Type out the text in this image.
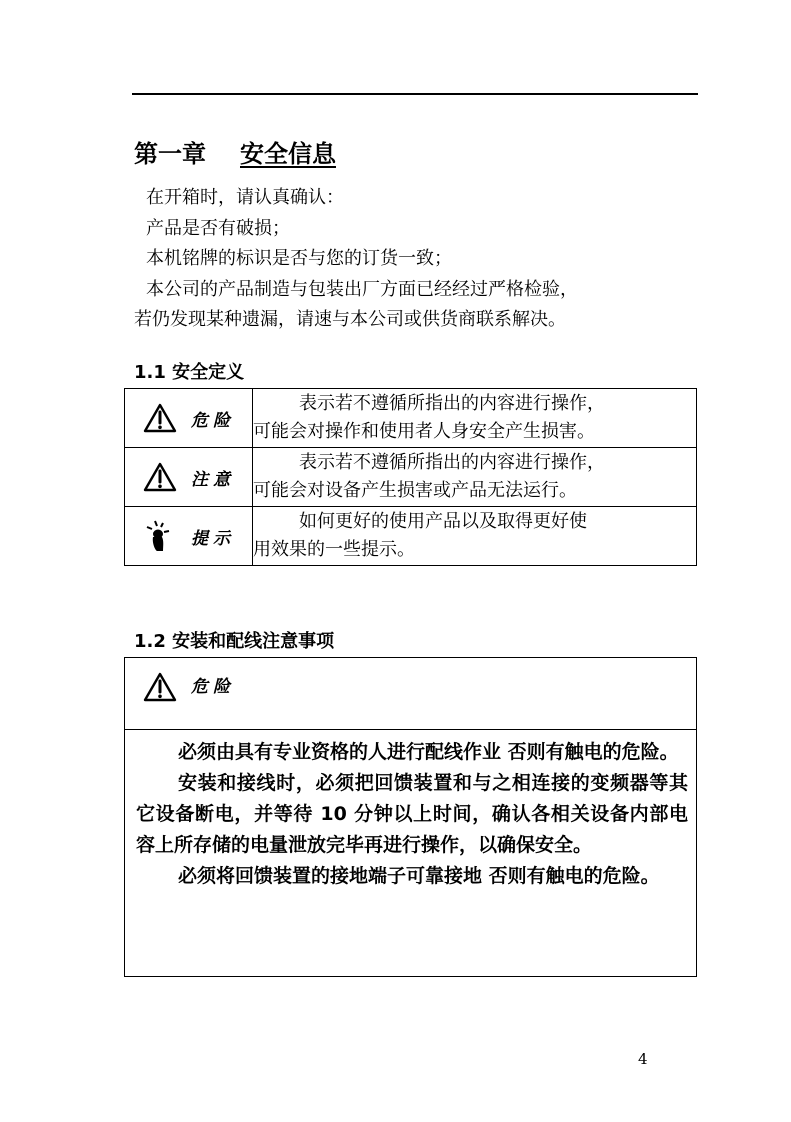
第一章 安全信息

在开箱时，请认真确认：

产品是否有破损；

本机铭牌的标识是否与您的订货一致；

本公司的产品制造与包装出厂方面已经经过严格检验，

若仍发现某种遗漏，请速与本公司或供货商联系解决。

1.1 安全定义
危险	表示若不遵循所指出的内容进行操作，
可能会对操作和使用者人身安全产生损害。

注意	表示若不遵循所指出的内容进行操作，
可能会对设备产生损害或产品无法运行。

提示	如何更好的使用产品以及取得更好使
用效果的一些提示。
1.2 安装和配线注意事项
危险

必须由具有专业资格的人进行配线作业 否则有触电的危险。

安装和接线时，必须把回馈装置和与之相连接的变频器等其它设备断电，并等待 10 分钟以上时间，确认各相关设备内部电容上所存储的电量泄放完毕再进行操作，以确保安全。

必须将回馈装置的接地端子可靠接地 否则有触电的危险。

4
